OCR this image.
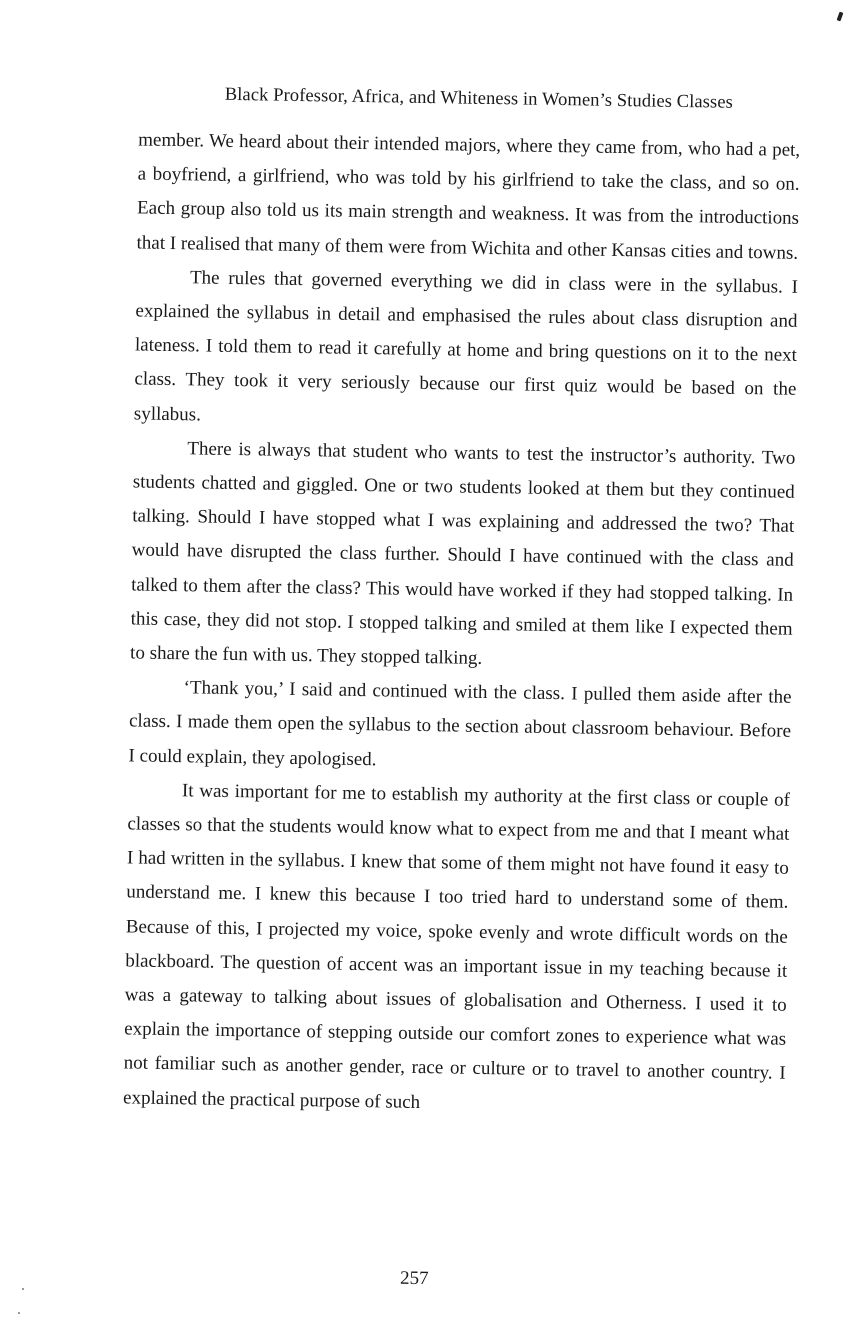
Black Professor, Africa, and Whiteness in Women’s Studies Classes

member. We heard about their intended majors, where they came from, who had a pet, a boyfriend, a girlfriend, who was told by his girlfriend to take the class, and so on. Each group also told us its main strength and weakness. It was from the introductions that I realised that many of them were from Wichita and other Kansas cities and towns.

The rules that governed everything we did in class were in the syllabus. I explained the syllabus in detail and emphasised the rules about class disruption and lateness. I told them to read it carefully at home and bring questions on it to the next class. They took it very seriously because our first quiz would be based on the syllabus.

There is always that student who wants to test the instructor’s authority. Two students chatted and giggled. One or two students looked at them but they continued talking. Should I have stopped what I was explaining and addressed the two? That would have disrupted the class further. Should I have continued with the class and talked to them after the class? This would have worked if they had stopped talking. In this case, they did not stop. I stopped talking and smiled at them like I expected them to share the fun with us. They stopped talking.

‘Thank you,’ I said and continued with the class. I pulled them aside after the class. I made them open the syllabus to the section about classroom behaviour. Before I could explain, they apologised.

It was important for me to establish my authority at the first class or couple of classes so that the students would know what to expect from me and that I meant what I had written in the syllabus. I knew that some of them might not have found it easy to understand me. I knew this because I too tried hard to understand some of them. Because of this, I projected my voice, spoke evenly and wrote difficult words on the blackboard. The question of accent was an important issue in my teaching because it was a gateway to talking about issues of globalisation and Otherness. I used it to explain the importance of stepping outside our comfort zones to experience what was not familiar such as another gender, race or culture or to travel to another country. I explained the practical purpose of such

257
